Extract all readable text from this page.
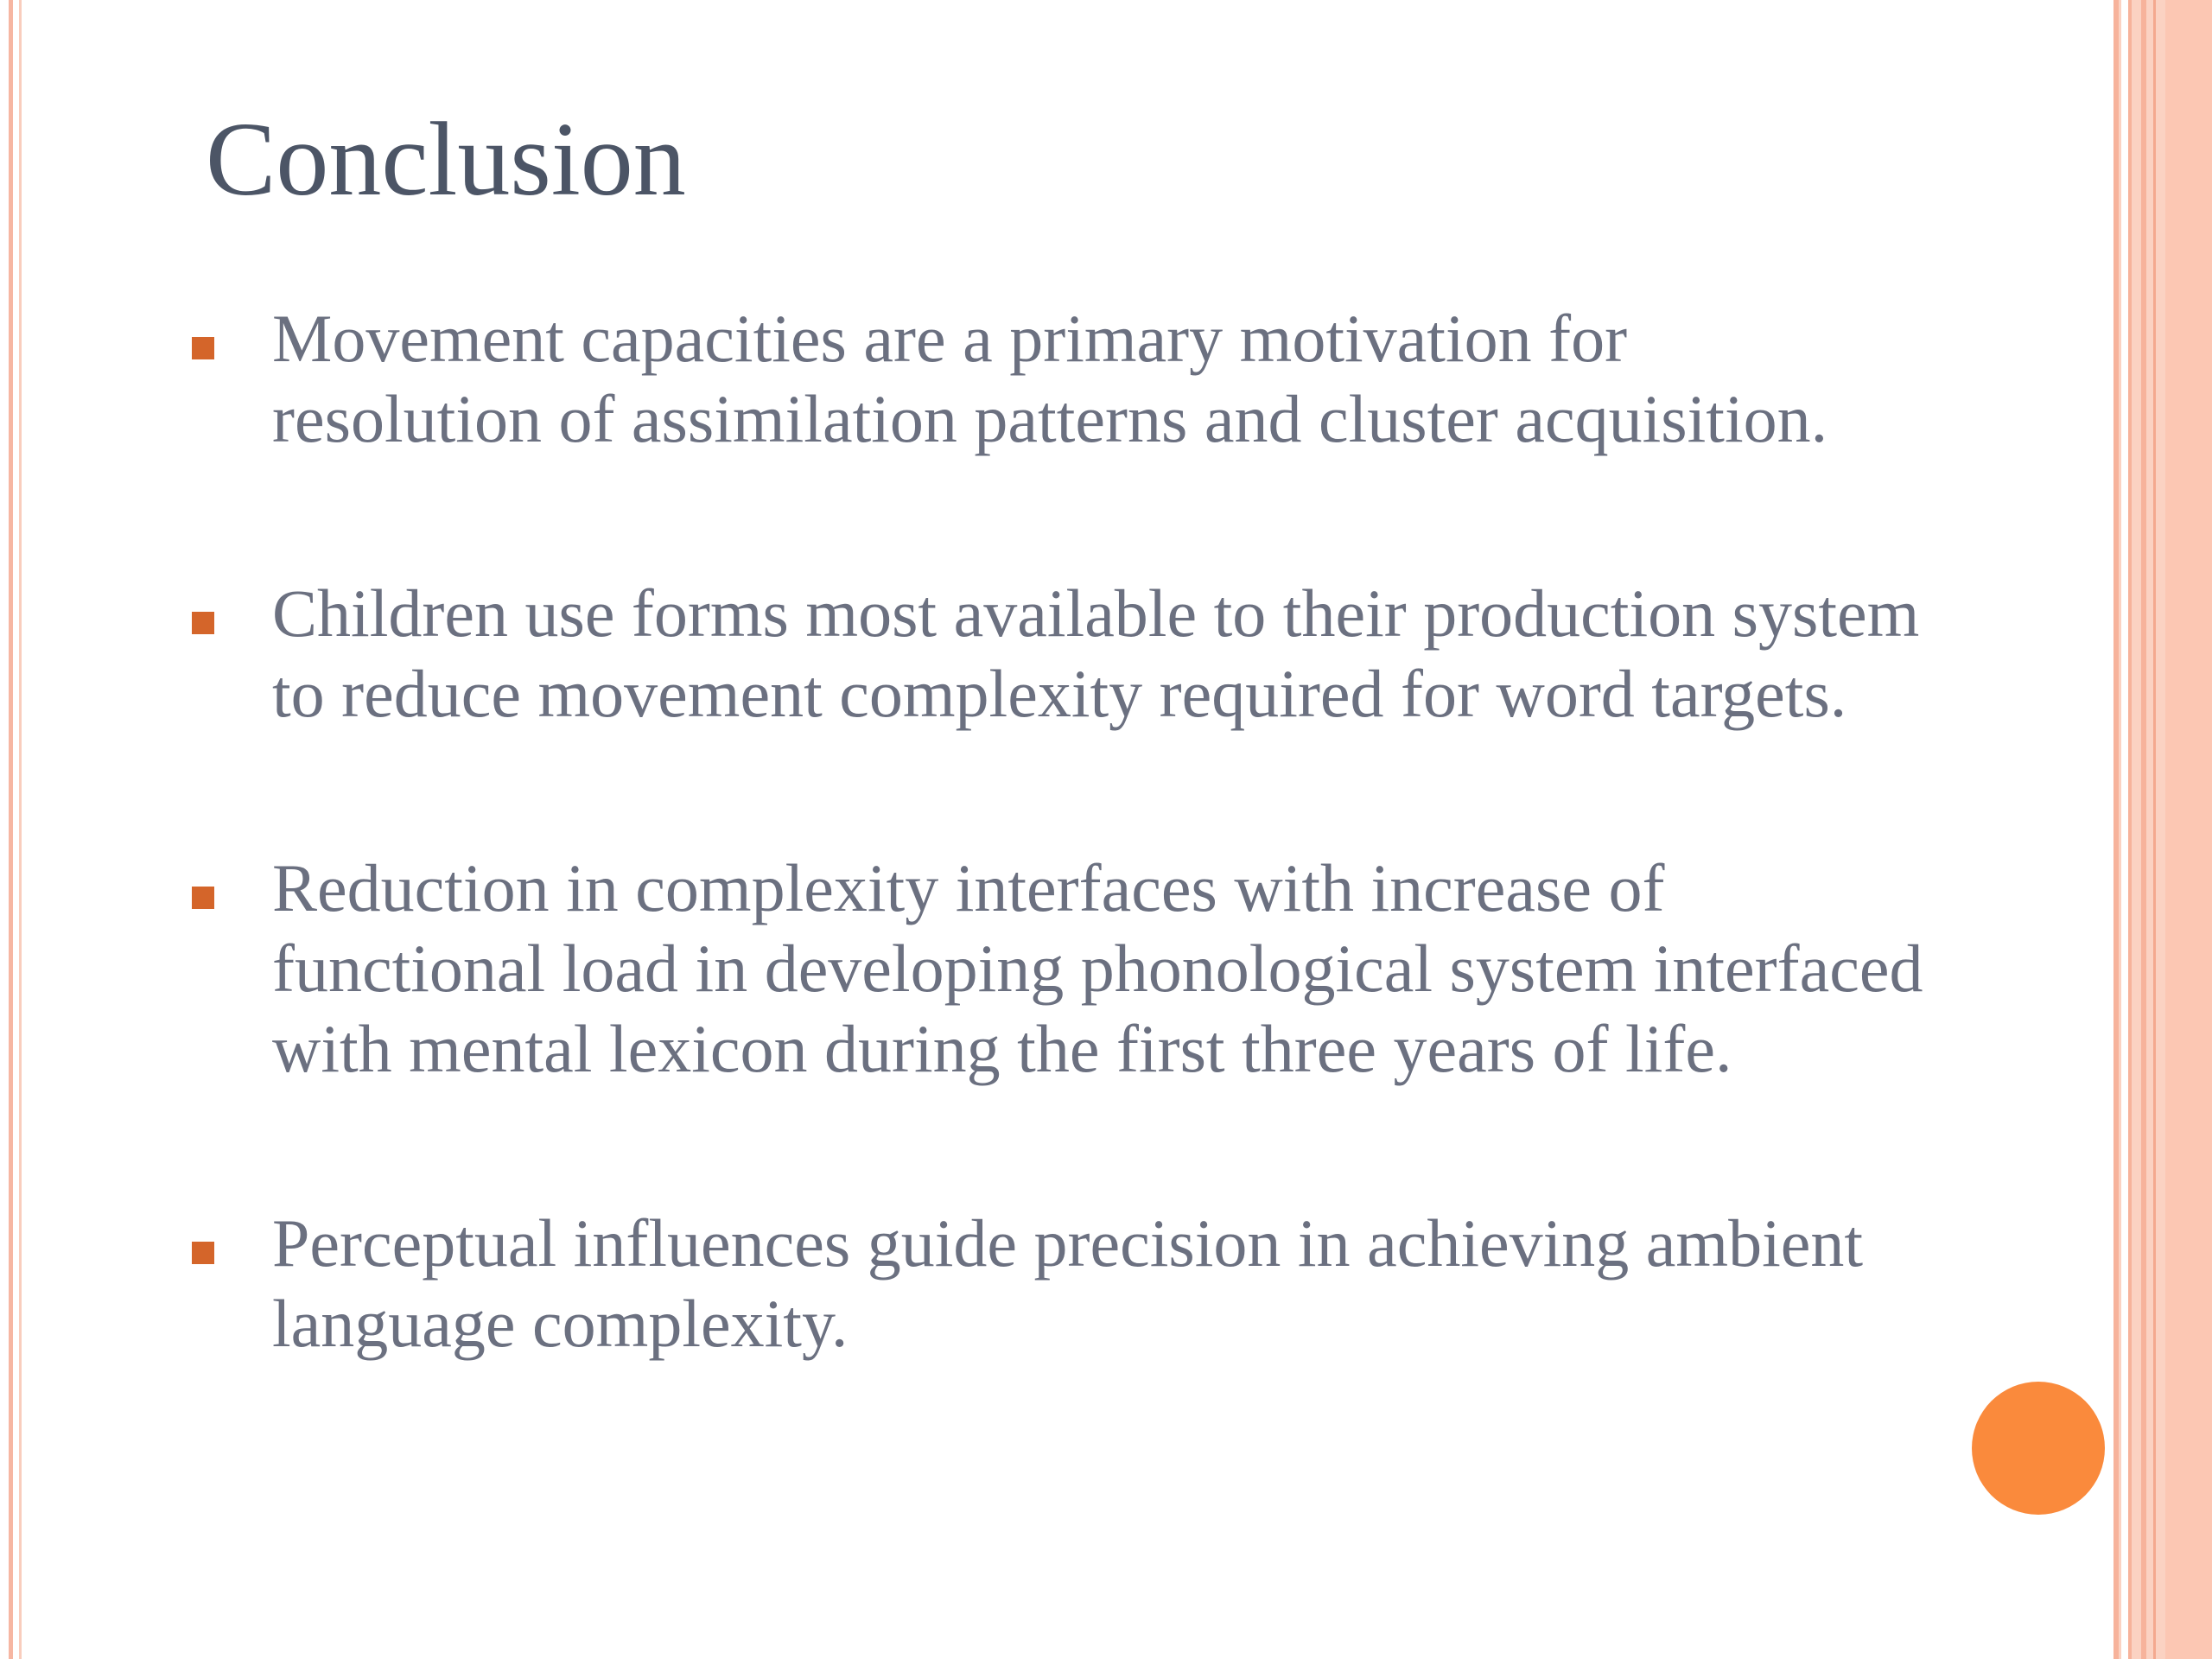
Conclusion
Movement capacities are a primary motivation for
resolution of assimilation patterns and cluster acquisition.
Children use forms most available to their production system
to reduce movement complexity required for word targets.
Reduction in complexity interfaces with increase of
functional load in developing phonological system interfaced
with mental lexicon during the first three years of life.
Perceptual influences guide precision in achieving ambient
language complexity.
